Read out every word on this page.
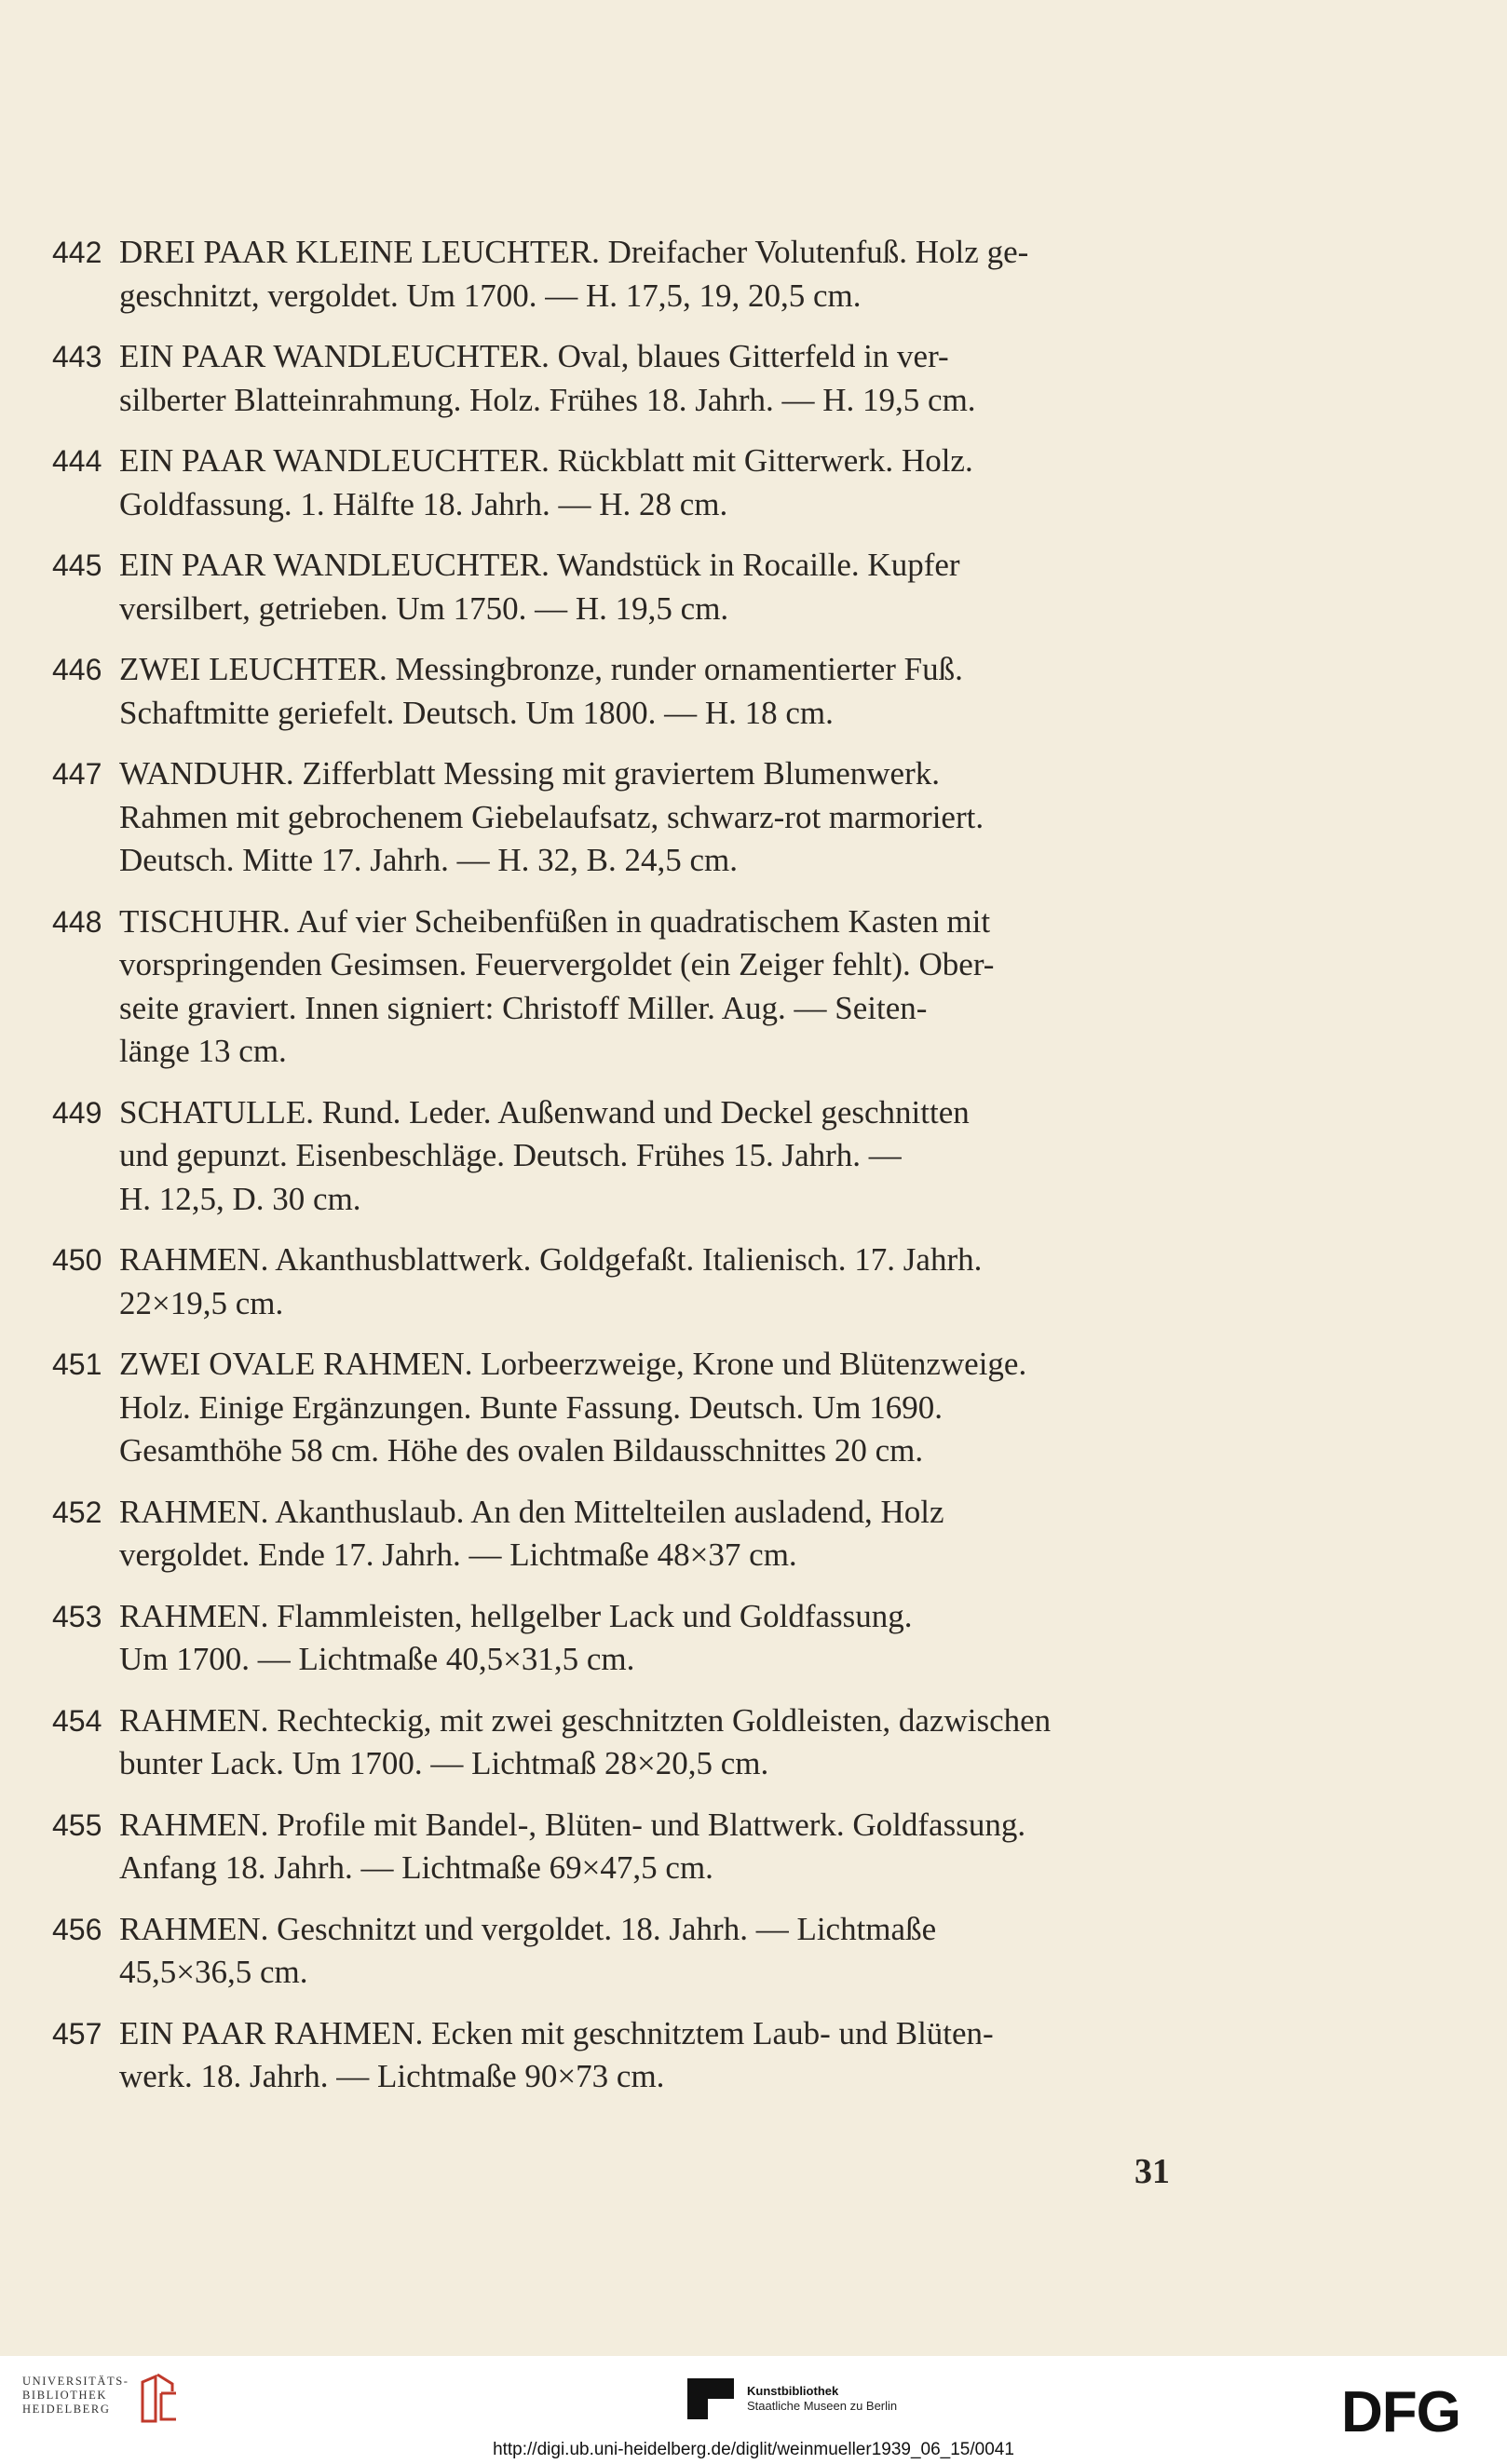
442 DREI PAAR KLEINE LEUCHTER. Dreifacher Volutenfuß. Holz ge-
geschnitzt, vergoldet. Um 1700. — H. 17,5, 19, 20,5 cm.
443 EIN PAAR WANDLEUCHTER. Oval, blaues Gitterfeld in ver-
silberter Blatteinrahmung. Holz. Frühes 18. Jahrh. — H. 19,5 cm.
444 EIN PAAR WANDLEUCHTER. Rückblatt mit Gitterwerk. Holz.
Goldfassung. 1. Hälfte 18. Jahrh. — H. 28 cm.
445 EIN PAAR WANDLEUCHTER. Wandstück in Rocaille. Kupfer
versilbert, getrieben. Um 1750. — H. 19,5 cm.
446 ZWEI LEUCHTER. Messingbronze, runder ornamentierter Fuß.
Schaftmitte geriefelt. Deutsch. Um 1800. — H. 18 cm.
447 WANDUHR. Zifferblatt Messing mit graviertem Blumenwerk.
Rahmen mit gebrochenem Giebelaufsatz, schwarz-rot marmoriert.
Deutsch. Mitte 17. Jahrh. — H. 32, B. 24,5 cm.
448 TISCHUHR. Auf vier Scheibenfüßen in quadratischem Kasten mit
vorspringenden Gesimsen. Feuervergoldet (ein Zeiger fehlt). Ober-
seite graviert. Innen signiert: Christoff Miller. Aug. — Seiten-
länge 13 cm.
449 SCHATULLE. Rund. Leder. Außenwand und Deckel geschnitten
und gepunzt. Eisenbeschläge. Deutsch. Frühes 15. Jahrh. —
H. 12,5, D. 30 cm.
450 RAHMEN. Akanthusblattwerk. Goldgefaßt. Italienisch. 17. Jahrh.
22×19,5 cm.
451 ZWEI OVALE RAHMEN. Lorbeerzweige, Krone und Blütenzweige.
Holz. Einige Ergänzungen. Bunte Fassung. Deutsch. Um 1690.
Gesamthöhe 58 cm. Höhe des ovalen Bildausschnittes 20 cm.
452 RAHMEN. Akanthuslaub. An den Mittelteilen ausladend, Holz
vergoldet. Ende 17. Jahrh. — Lichtmaße 48×37 cm.
453 RAHMEN. Flammleisten, hellgelber Lack und Goldfassung.
Um 1700. — Lichtmaße 40,5×31,5 cm.
454 RAHMEN. Rechteckig, mit zwei geschnitzten Goldleisten, dazwischen
bunter Lack. Um 1700. — Lichtmaß 28×20,5 cm.
455 RAHMEN. Profile mit Bandel-, Blüten- und Blattwerk. Goldfassung.
Anfang 18. Jahrh. — Lichtmaße 69×47,5 cm.
456 RAHMEN. Geschnitzt und vergoldet. 18. Jahrh. — Lichtmaße
45,5×36,5 cm.
457 EIN PAAR RAHMEN. Ecken mit geschnitztem Laub- und Blüten-
werk. 18. Jahrh. — Lichtmaße 90×73 cm.
31
UNIVERSITÄTS-
BIBLIOTHEK
HEIDELBERG
Kunstbibliothek
Staatliche Museen zu Berlin	DFG
http://digi.ub.uni-heidelberg.de/diglit/weinmueller1939_06_15/0041
